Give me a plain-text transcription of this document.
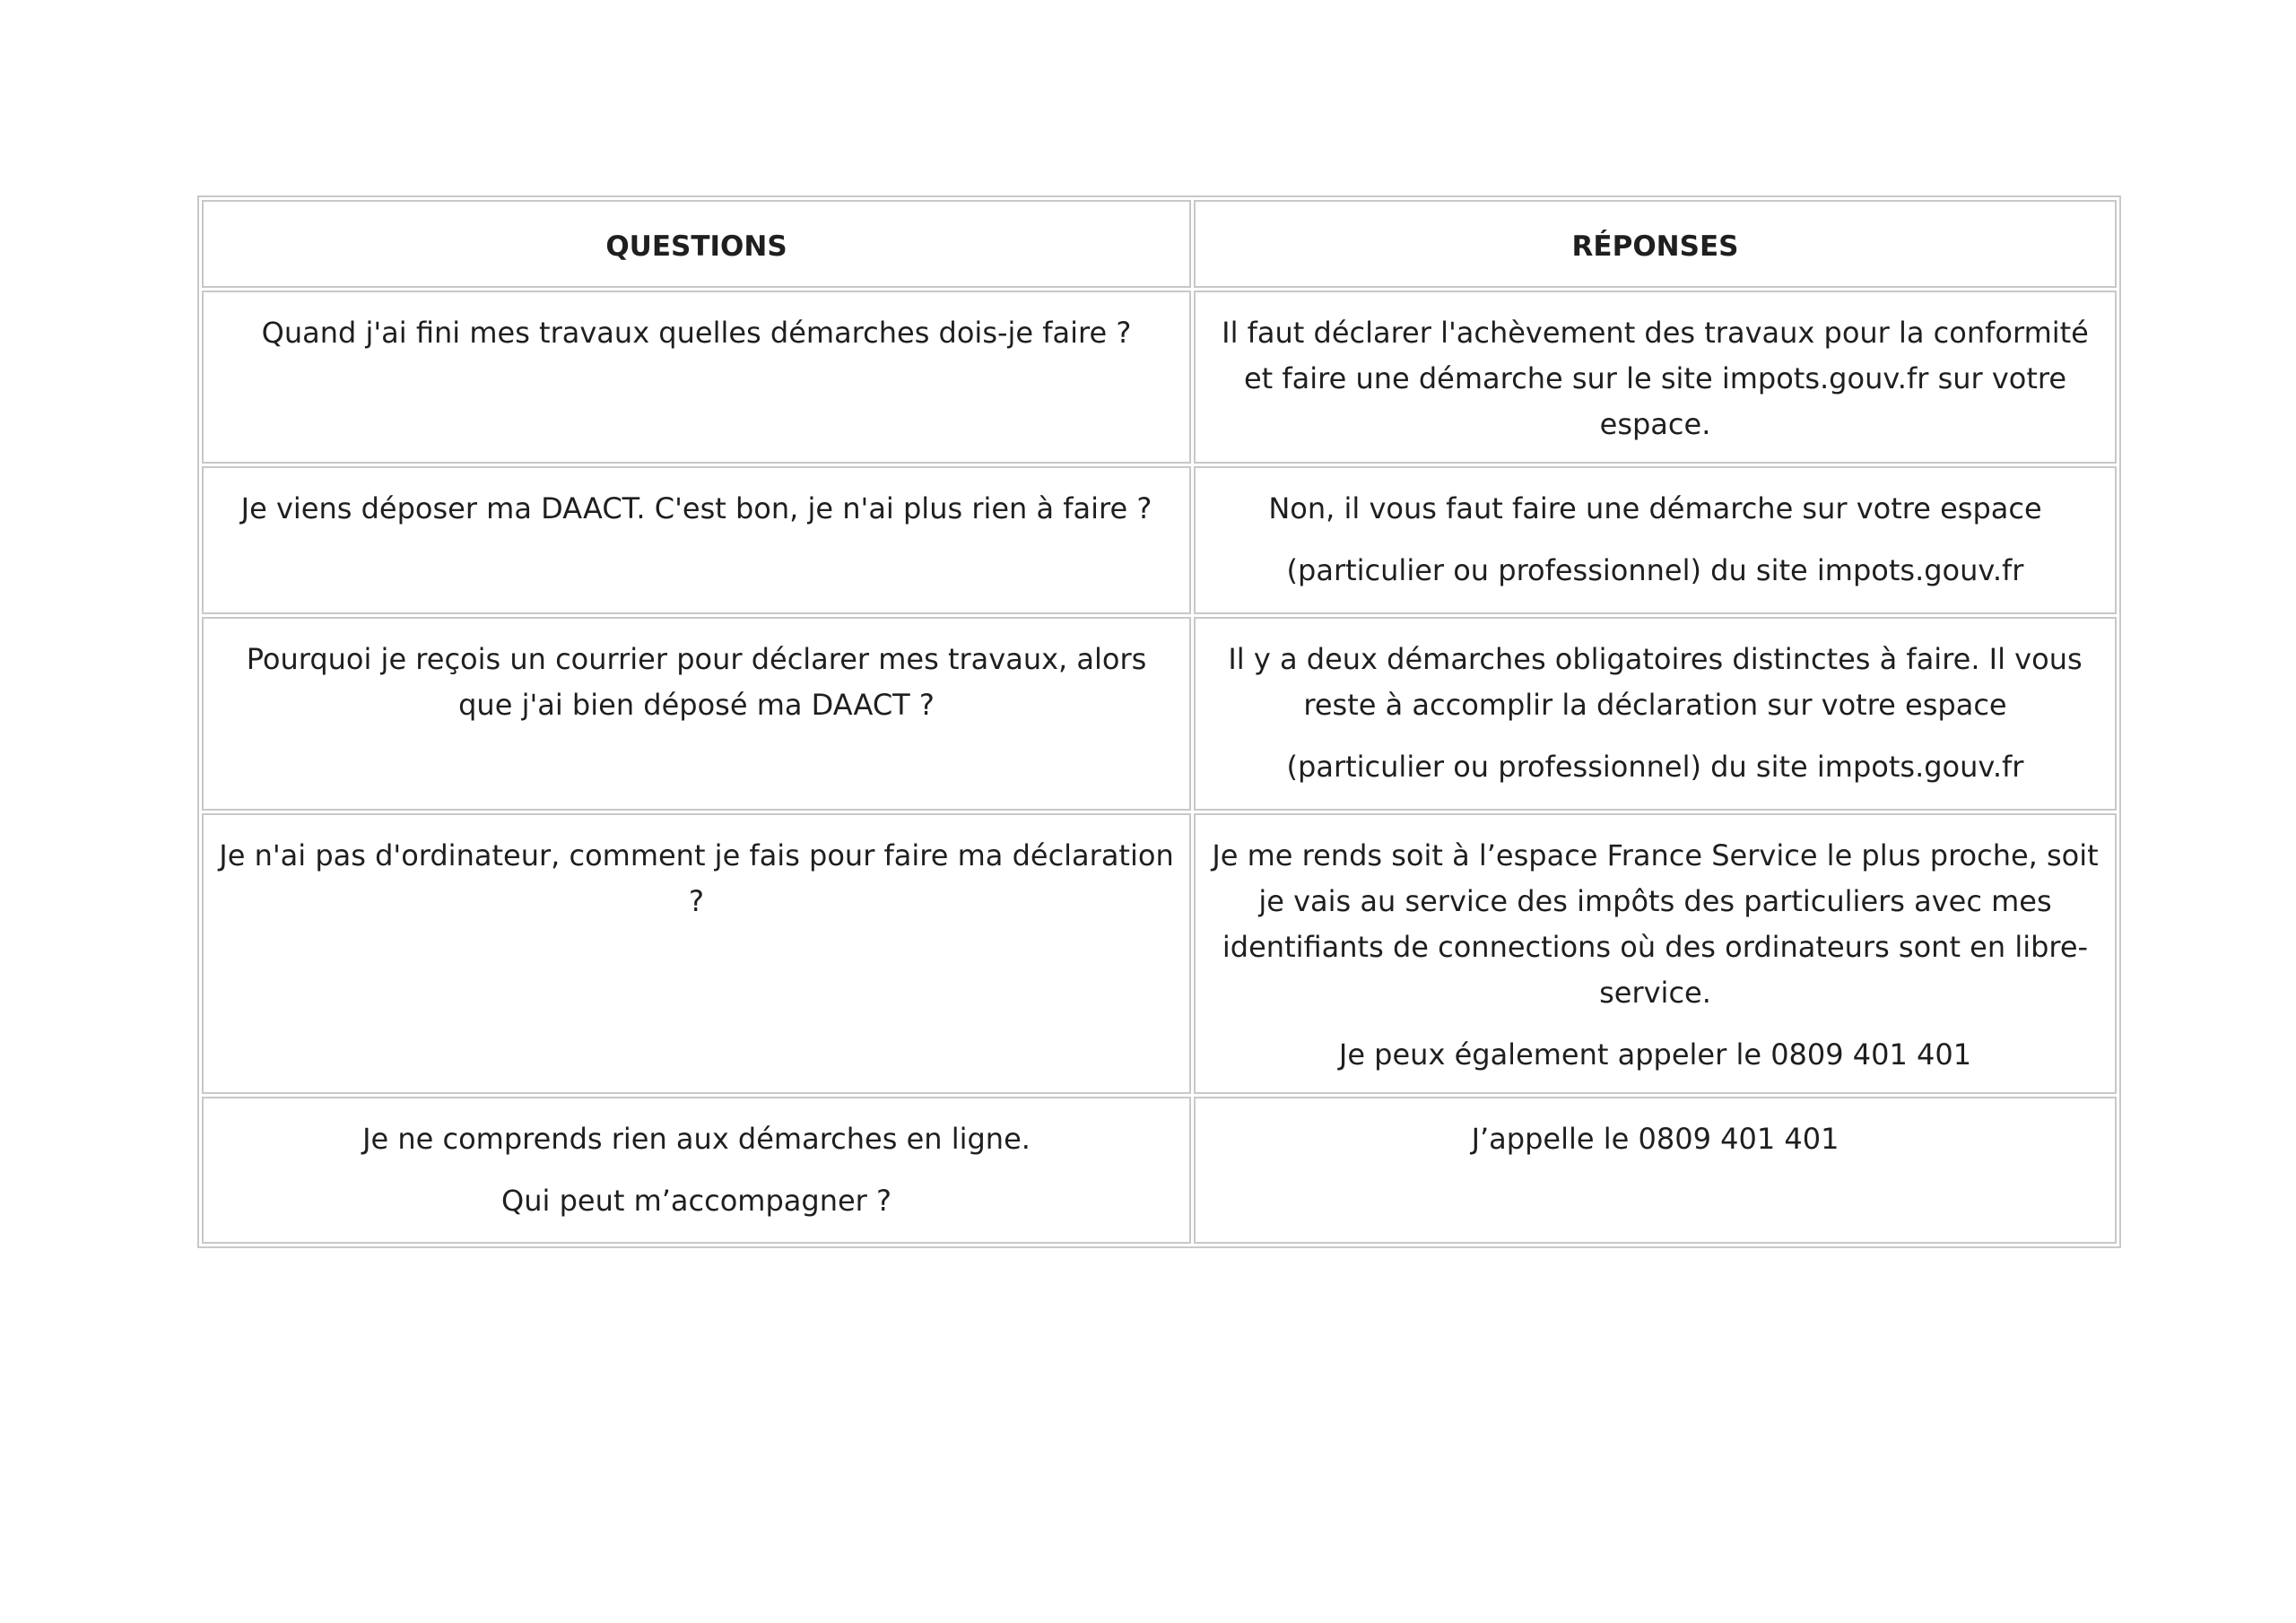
QUESTIONS	RÉPONSES

Quand j'ai fini mes travaux quelles démarches dois-je faire ?	Il faut déclarer l'achèvement des travaux pour la conformité et faire une démarche sur le site impots.gouv.fr sur votre espace.

Je viens déposer ma DAACT. C'est bon, je n'ai plus rien à faire ?	Non, il vous faut faire une démarche sur votre espace

(particulier ou professionnel) du site impots.gouv.fr

Pourquoi je reçois un courrier pour déclarer mes travaux, alors que j'ai bien déposé ma DAACT ?	Il y a deux démarches obligatoires distinctes à faire. Il vous reste à accomplir la déclaration sur votre espace

(particulier ou professionnel) du site impots.gouv.fr

Je n'ai pas d'ordinateur, comment je fais pour faire ma déclaration ?	Je me rends soit à l’espace France Service le plus proche, soit je vais au service des impôts des particuliers avec mes identifiants de connections où des ordinateurs sont en libre-service.

Je peux également appeler le 0809 401 401

Je ne comprends rien aux démarches en ligne.

Qui peut m’accompagner ?	J’appelle le 0809 401 401
